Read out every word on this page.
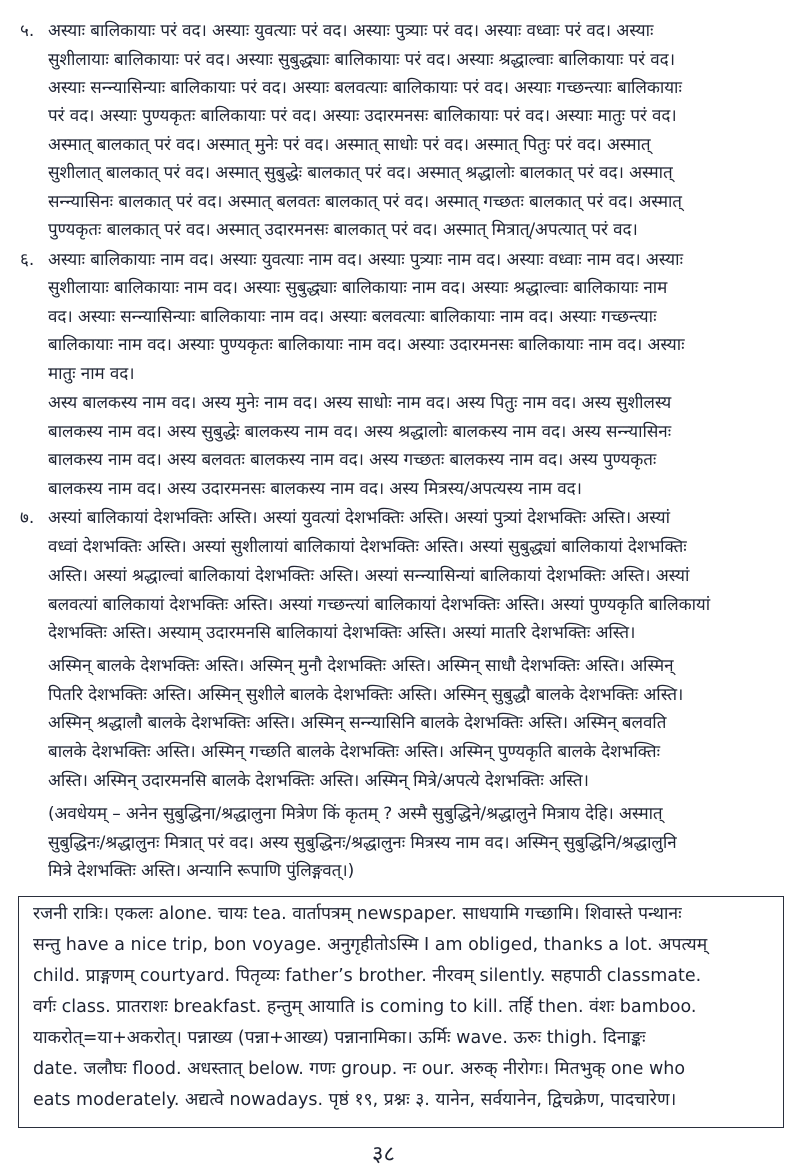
५. अस्याः बालिकायाः परं वद। अस्याः युवत्याः परं वद। अस्याः पुत्र्याः परं वद। अस्याः वध्वाः परं वद। अस्याः
सुशीलायाः बालिकायाः परं वद। अस्याः सुबुद्ध्याः बालिकायाः परं वद। अस्याः श्रद्धाल्वाः बालिकायाः परं वद।
अस्याः सन्न्यासिन्याः बालिकायाः परं वद। अस्याः बलवत्याः बालिकायाः परं वद। अस्याः गच्छन्त्याः बालिकायाः
परं वद। अस्याः पुण्यकृतः बालिकायाः परं वद। अस्याः उदारमनसः बालिकायाः परं वद। अस्याः मातुः परं वद।
अस्मात् बालकात् परं वद। अस्मात् मुनेः परं वद। अस्मात् साधोः परं वद। अस्मात् पितुः परं वद। अस्मात्
सुशीलात् बालकात् परं वद। अस्मात् सुबुद्धेः बालकात् परं वद। अस्मात् श्रद्धालोः बालकात् परं वद। अस्मात्
सन्न्यासिनः बालकात् परं वद। अस्मात् बलवतः बालकात् परं वद। अस्मात् गच्छतः बालकात् परं वद। अस्मात्
पुण्यकृतः बालकात् परं वद। अस्मात् उदारमनसः बालकात् परं वद। अस्मात् मित्रात्/अपत्यात् परं वद।
६. अस्याः बालिकायाः नाम वद। अस्याः युवत्याः नाम वद। अस्याः पुत्र्याः नाम वद। अस्याः वध्वाः नाम वद। अस्याः
सुशीलायाः बालिकायाः नाम वद। अस्याः सुबुद्ध्याः बालिकायाः नाम वद। अस्याः श्रद्धाल्वाः बालिकायाः नाम
वद। अस्याः सन्न्यासिन्याः बालिकायाः नाम वद। अस्याः बलवत्याः बालिकायाः नाम वद। अस्याः गच्छन्त्याः
बालिकायाः नाम वद। अस्याः पुण्यकृतः बालिकायाः नाम वद। अस्याः उदारमनसः बालिकायाः नाम वद। अस्याः
मातुः नाम वद।
अस्य बालकस्य नाम वद। अस्य मुनेः नाम वद। अस्य साधोः नाम वद। अस्य पितुः नाम वद। अस्य सुशीलस्य
बालकस्य नाम वद। अस्य सुबुद्धेः बालकस्य नाम वद। अस्य श्रद्धालोः बालकस्य नाम वद। अस्य सन्न्यासिनः
बालकस्य नाम वद। अस्य बलवतः बालकस्य नाम वद। अस्य गच्छतः बालकस्य नाम वद। अस्य पुण्यकृतः
बालकस्य नाम वद। अस्य उदारमनसः बालकस्य नाम वद। अस्य मित्रस्य/अपत्यस्य नाम वद।
७. अस्यां बालिकायां देशभक्तिः अस्ति। अस्यां युवत्यां देशभक्तिः अस्ति। अस्यां पुत्र्यां देशभक्तिः अस्ति। अस्यां
वध्वां देशभक्तिः अस्ति। अस्यां सुशीलायां बालिकायां देशभक्तिः अस्ति। अस्यां सुबुद्ध्यां बालिकायां देशभक्तिः
अस्ति। अस्यां श्रद्धाल्वां बालिकायां देशभक्तिः अस्ति। अस्यां सन्न्यासिन्यां बालिकायां देशभक्तिः अस्ति। अस्यां
बलवत्यां बालिकायां देशभक्तिः अस्ति। अस्यां गच्छन्त्यां बालिकायां देशभक्तिः अस्ति। अस्यां पुण्यकृति बालिकायां
देशभक्तिः अस्ति। अस्याम् उदारमनसि बालिकायां देशभक्तिः अस्ति। अस्यां मातरि देशभक्तिः अस्ति।
अस्मिन् बालके देशभक्तिः अस्ति। अस्मिन् मुनौ देशभक्तिः अस्ति। अस्मिन् साधौ देशभक्तिः अस्ति। अस्मिन्
पितरि देशभक्तिः अस्ति। अस्मिन् सुशीले बालके देशभक्तिः अस्ति। अस्मिन् सुबुद्धौ बालके देशभक्तिः अस्ति।
अस्मिन् श्रद्धालौ बालके देशभक्तिः अस्ति। अस्मिन् सन्न्यासिनि बालके देशभक्तिः अस्ति। अस्मिन् बलवति
बालके देशभक्तिः अस्ति। अस्मिन् गच्छति बालके देशभक्तिः अस्ति। अस्मिन् पुण्यकृति बालके देशभक्तिः
अस्ति। अस्मिन् उदारमनसि बालके देशभक्तिः अस्ति। अस्मिन् मित्रे/अपत्ये देशभक्तिः अस्ति।
(अवधेयम् – अनेन सुबुद्धिना/श्रद्धालुना मित्रेण किं कृतम् ? अस्मै सुबुद्धिने/श्रद्धालुने मित्राय देहि। अस्मात्
सुबुद्धिनः/श्रद्धालुनः मित्रात् परं वद। अस्य सुबुद्धिनः/श्रद्धालुनः मित्रस्य नाम वद। अस्मिन् सुबुद्धिनि/श्रद्धालुनि
मित्रे देशभक्तिः अस्ति। अन्यानि रूपाणि पुंलिङ्गवत्।)
रजनी रात्रिः। एकलः alone. चायः tea. वार्तापत्रम् newspaper. साधयामि गच्छामि। शिवास्ते पन्थानः
सन्तु have a nice trip, bon voyage. अनुगृहीतोऽस्मि I am obliged, thanks a lot. अपत्यम्
child. प्राङ्गणम् courtyard. पितृव्यः father’s brother. नीरवम् silently. सहपाठी classmate.
वर्गः class. प्रातराशः breakfast. हन्तुम् आयाति is coming to kill. तर्हि then. वंशः bamboo.
याकरोत्=या+अकरोत्। पन्नाख्य (पन्ना+आख्य) पन्नानामिका। ऊर्मिः wave. ऊरुः thigh. दिनाङ्कः
date. जलौघः flood. अधस्तात् below. गणः group. नः our. अरुक् नीरोगः। मितभुक् one who
eats moderately. अद्यत्वे nowadays. पृष्ठं १९, प्रश्नः ३. यानेन, सर्वयानेन, द्विचक्रेण, पादचारेण।
३८
